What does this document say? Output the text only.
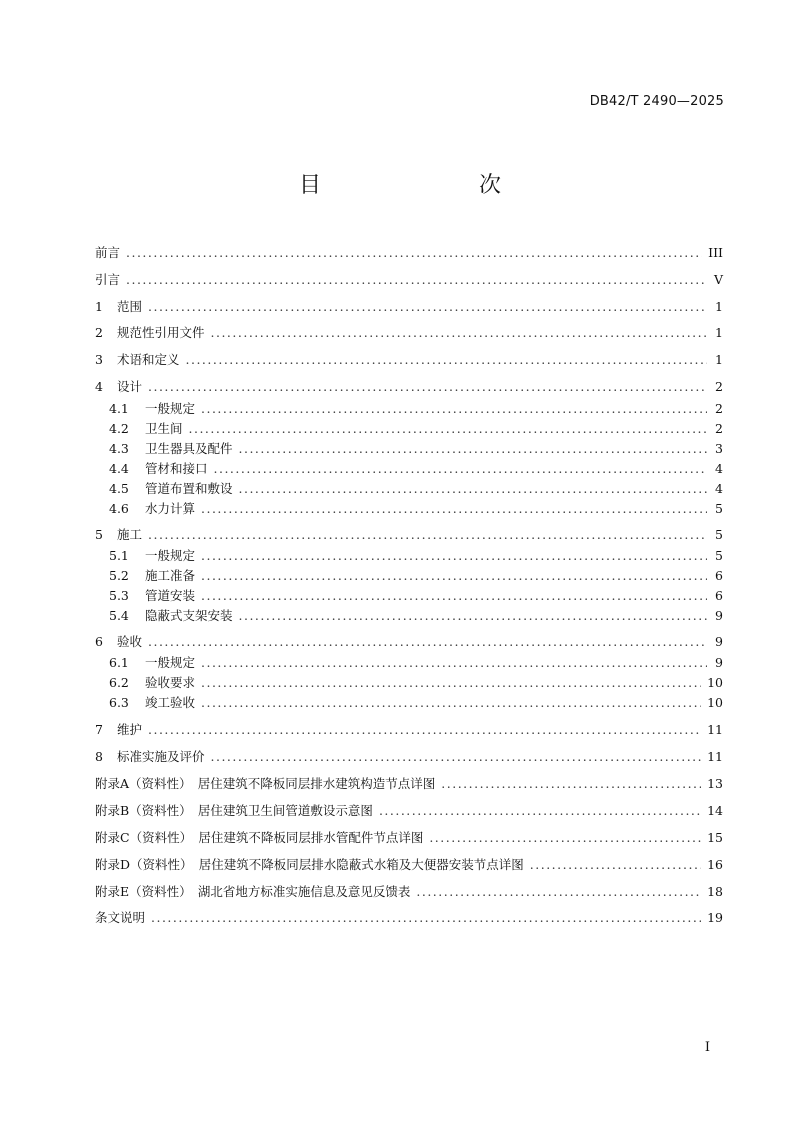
DB42/T 2490—2025
目　　次
前言 .....	III
引言 .....	V
1	范围 .....	1
2	规范性引用文件 .....	1
3	术语和定义 .....	1
4	设计 .....	2
4.1	一般规定 .....	2
4.2	卫生间 .....	2
4.3	卫生器具及配件 .....	3
4.4	管材和接口 .....	4
4.5	管道布置和敷设 .....	4
4.6	水力计算 .....	5
5	施工 .....	5
5.1	一般规定 .....	5
5.2	施工准备 .....	6
5.3	管道安装 .....	6
5.4	隐蔽式支架安装 .....	9
6	验收 .....	9
6.1	一般规定 .....	9
6.2	验收要求 .....	10
6.3	竣工验收 .....	10
7	维护 .....	11
8	标准实施及评价 .....	11
附录A（资料性）　居住建筑不降板同层排水建筑构造节点详图 .....	13
附录B（资料性）　居住建筑卫生间管道敷设示意图 .....	14
附录C（资料性）　居住建筑不降板同层排水管配件节点详图 .....	15
附录D（资料性）　居住建筑不降板同层排水隐蔽式水箱及大便器安装节点详图 .....	16
附录E（资料性）　湖北省地方标准实施信息及意见反馈表 .....	18
条文说明 .....	19
I
